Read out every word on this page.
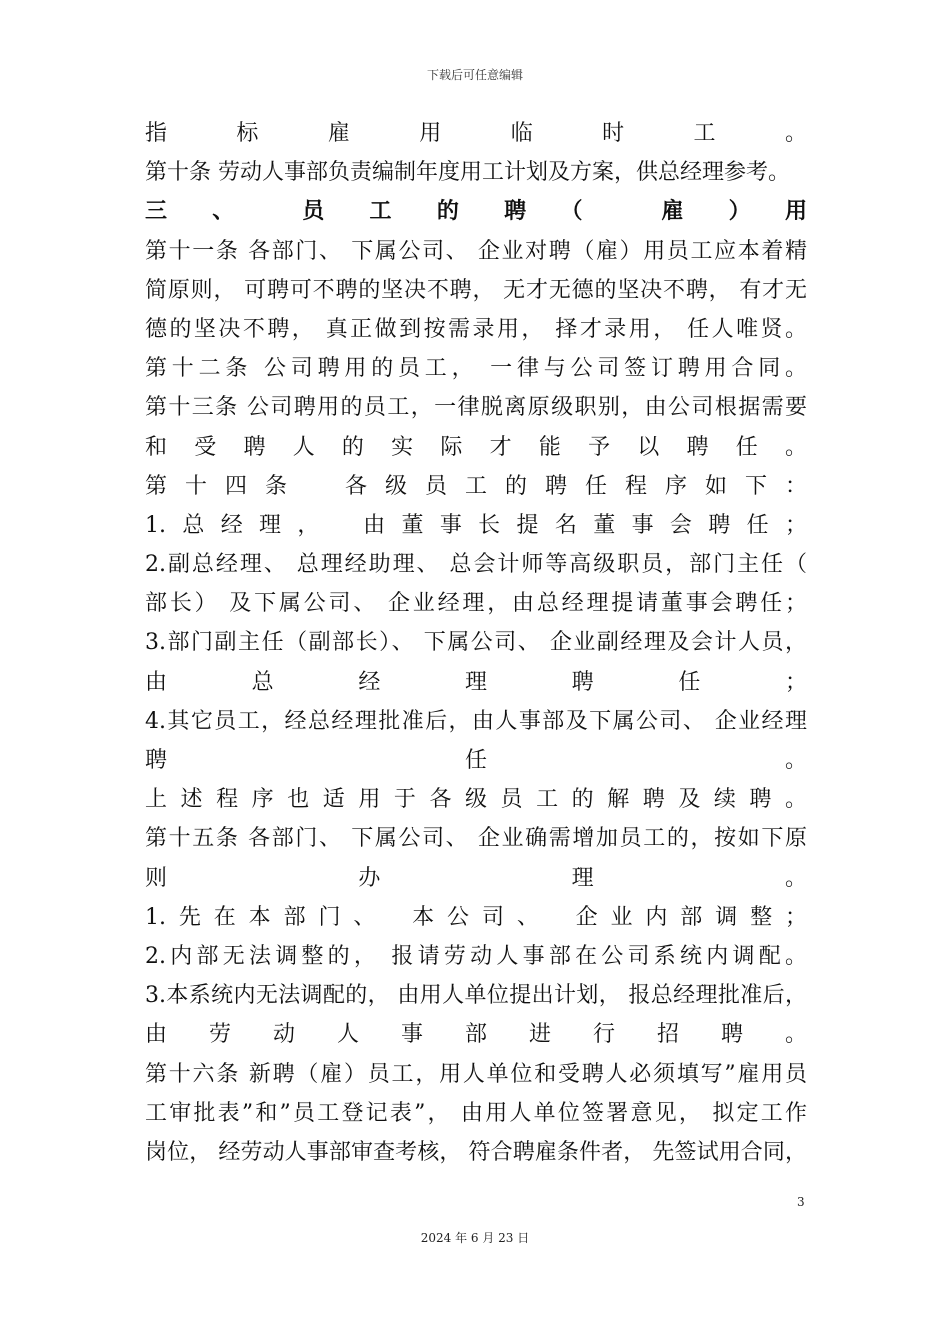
下载后可任意编辑
指　标　雇　用　临　时　工　。
第十条 劳动人事部负责编制年度用工计划及方案，供总经理参考。
三　、　　员　工　的　聘　（　　雇　）　用
第十一条 各部门、 下属公司、 企业对聘（雇）用员工应本着精
简原则， 可聘可不聘的坚决不聘， 无才无德的坚决不聘， 有才无
德的坚决不聘， 真正做到按需录用， 择才录用， 任人唯贤。
第十二条 公司聘用的员工， 一律与公司签订聘用合同。
第十三条 公司聘用的员工，一律脱离原级职别，由公司根据需要
和受聘人的实际才能予以聘任。
第十四条　各级员工的聘任程序如下：
1.总经理，　由董事长提名董事会聘任；
2.副总经理、 总理经助理、 总会计师等高级职员，部门主任（
部长） 及下属公司、 企业经理，由总经理提请董事会聘任；
3.部门副主任（副部长）、 下属公司、 企业副经理及会计人员，
由　总　经　理　聘　任　；
4.其它员工，经总经理批准后，由人事部及下属公司、 企业经理
聘　　任　　。
上述程序也适用于各级员工的解聘及续聘。
第十五条 各部门、 下属公司、 企业确需增加员工的，按如下原
则　　办　　理　　。
1.先在本部门、　本公司、　企业内部调整；
2.内部无法调整的， 报请劳动人事部在公司系统内调配。
3.本系统内无法调配的， 由用人单位提出计划， 报总经理批准后，
由　劳　动　人　事　部　进　行　招　聘　。
第十六条 新聘（雇）员工，用人单位和受聘人必须填写”雇用员
工审批表”和”员工登记表”， 由用人单位签署意见， 拟定工作
岗位， 经劳动人事部审查考核， 符合聘雇条件者， 先签试用合同，
3
2024 年 6 月 23 日
